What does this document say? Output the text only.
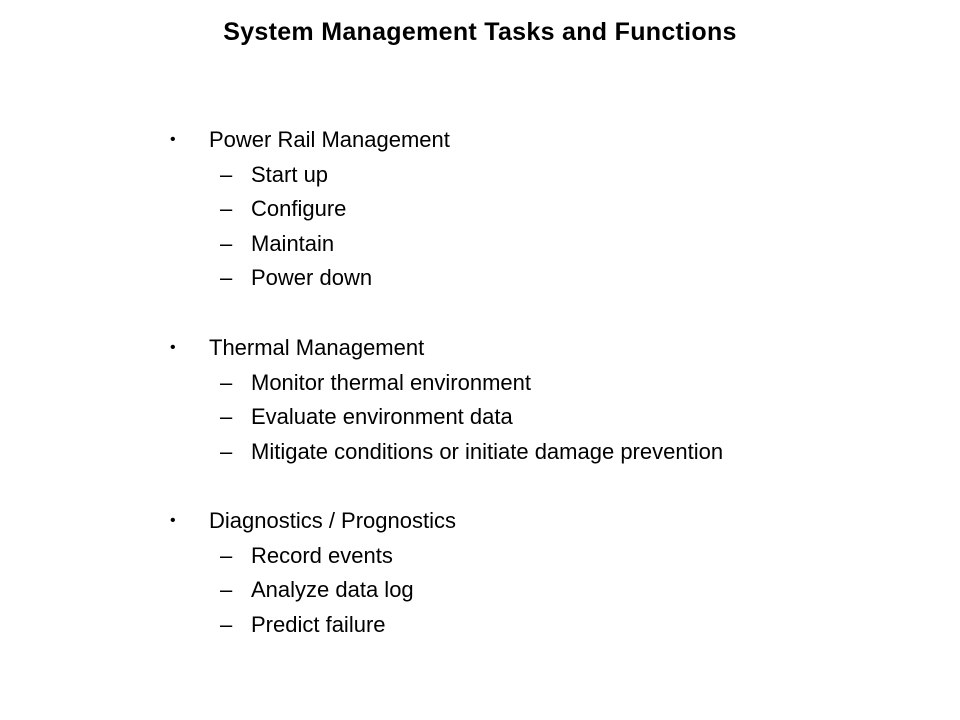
System Management Tasks and Functions
•	Power Rail Management
– Start up
– Configure
– Maintain
– Power down
•	Thermal Management
– Monitor thermal environment
– Evaluate environment data
– Mitigate conditions or initiate damage prevention
•	Diagnostics / Prognostics
– Record events
– Analyze data log
– Predict failure
